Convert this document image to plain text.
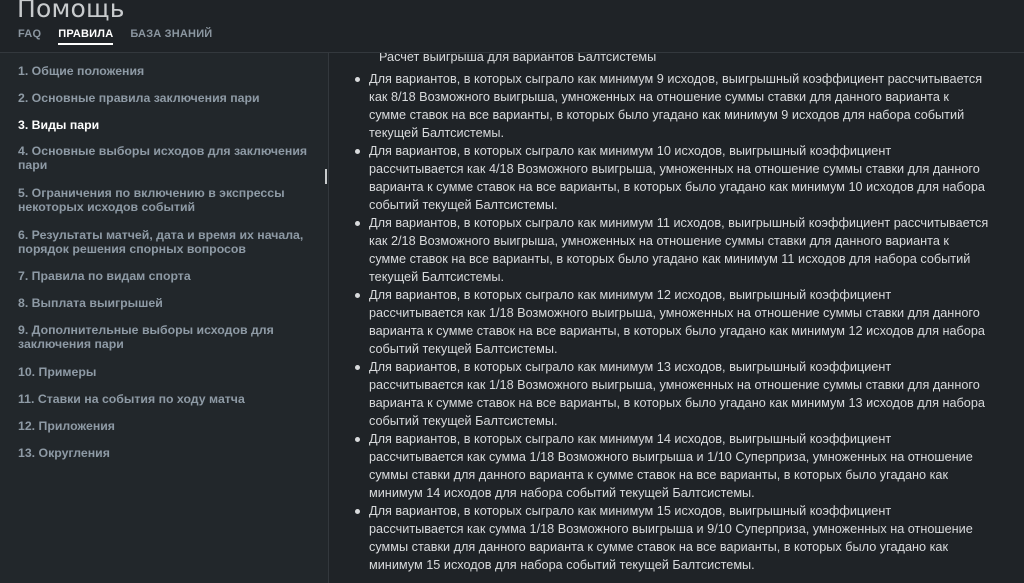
Помощь
FAQ ПРАВИЛА БАЗА ЗНАНИЙ
1. Общие положения
2. Основные правила заключения пари
3. Виды пари
4. Основные выборы исходов для заключения пари
5. Ограничения по включению в экспрессы некоторых исходов событий
6. Результаты матчей, дата и время их начала, порядок решения спорных вопросов
7. Правила по видам спорта
8. Выплата выигрышей
9. Дополнительные выборы исходов для заключения пари
10. Примеры
11. Ставки на события по ходу матча
12. Приложения
13. Округления
Расчет выигрыша для вариантов Балтсистемы
Для вариантов, в которых сыграло как минимум 9 исходов, выигрышный коэффициент рассчитывается как 8/18 Возможного выигрыша, умноженных на отношение суммы ставки для данного варианта к сумме ставок на все варианты, в которых было угадано как минимум 9 исходов для набора событий текущей Балтсистемы.
Для вариантов, в которых сыграло как минимум 10 исходов, выигрышный коэффициент рассчитывается как 4/18 Возможного выигрыша, умноженных на отношение суммы ставки для данного варианта к сумме ставок на все варианты, в которых было угадано как минимум 10 исходов для набора событий текущей Балтсистемы.
Для вариантов, в которых сыграло как минимум 11 исходов, выигрышный коэффициент рассчитывается как 2/18 Возможного выигрыша, умноженных на отношение суммы ставки для данного варианта к сумме ставок на все варианты, в которых было угадано как минимум 11 исходов для набора событий текущей Балтсистемы.
Для вариантов, в которых сыграло как минимум 12 исходов, выигрышный коэффициент рассчитывается как 1/18 Возможного выигрыша, умноженных на отношение суммы ставки для данного варианта к сумме ставок на все варианты, в которых было угадано как минимум 12 исходов для набора событий текущей Балтсистемы.
Для вариантов, в которых сыграло как минимум 13 исходов, выигрышный коэффициент рассчитывается как 1/18 Возможного выигрыша, умноженных на отношение суммы ставки для данного варианта к сумме ставок на все варианты, в которых было угадано как минимум 13 исходов для набора событий текущей Балтсистемы.
Для вариантов, в которых сыграло как минимум 14 исходов, выигрышный коэффициент рассчитывается как сумма 1/18 Возможного выигрыша и 1/10 Суперприза, умноженных на отношение суммы ставки для данного варианта к сумме ставок на все варианты, в которых было угадано как минимум 14 исходов для набора событий текущей Балтсистемы.
Для вариантов, в которых сыграло как минимум 15 исходов, выигрышный коэффициент рассчитывается как сумма 1/18 Возможного выигрыша и 9/10 Суперприза, умноженных на отношение суммы ставки для данного варианта к сумме ставок на все варианты, в которых было угадано как минимум 15 исходов для набора событий текущей Балтсистемы.
